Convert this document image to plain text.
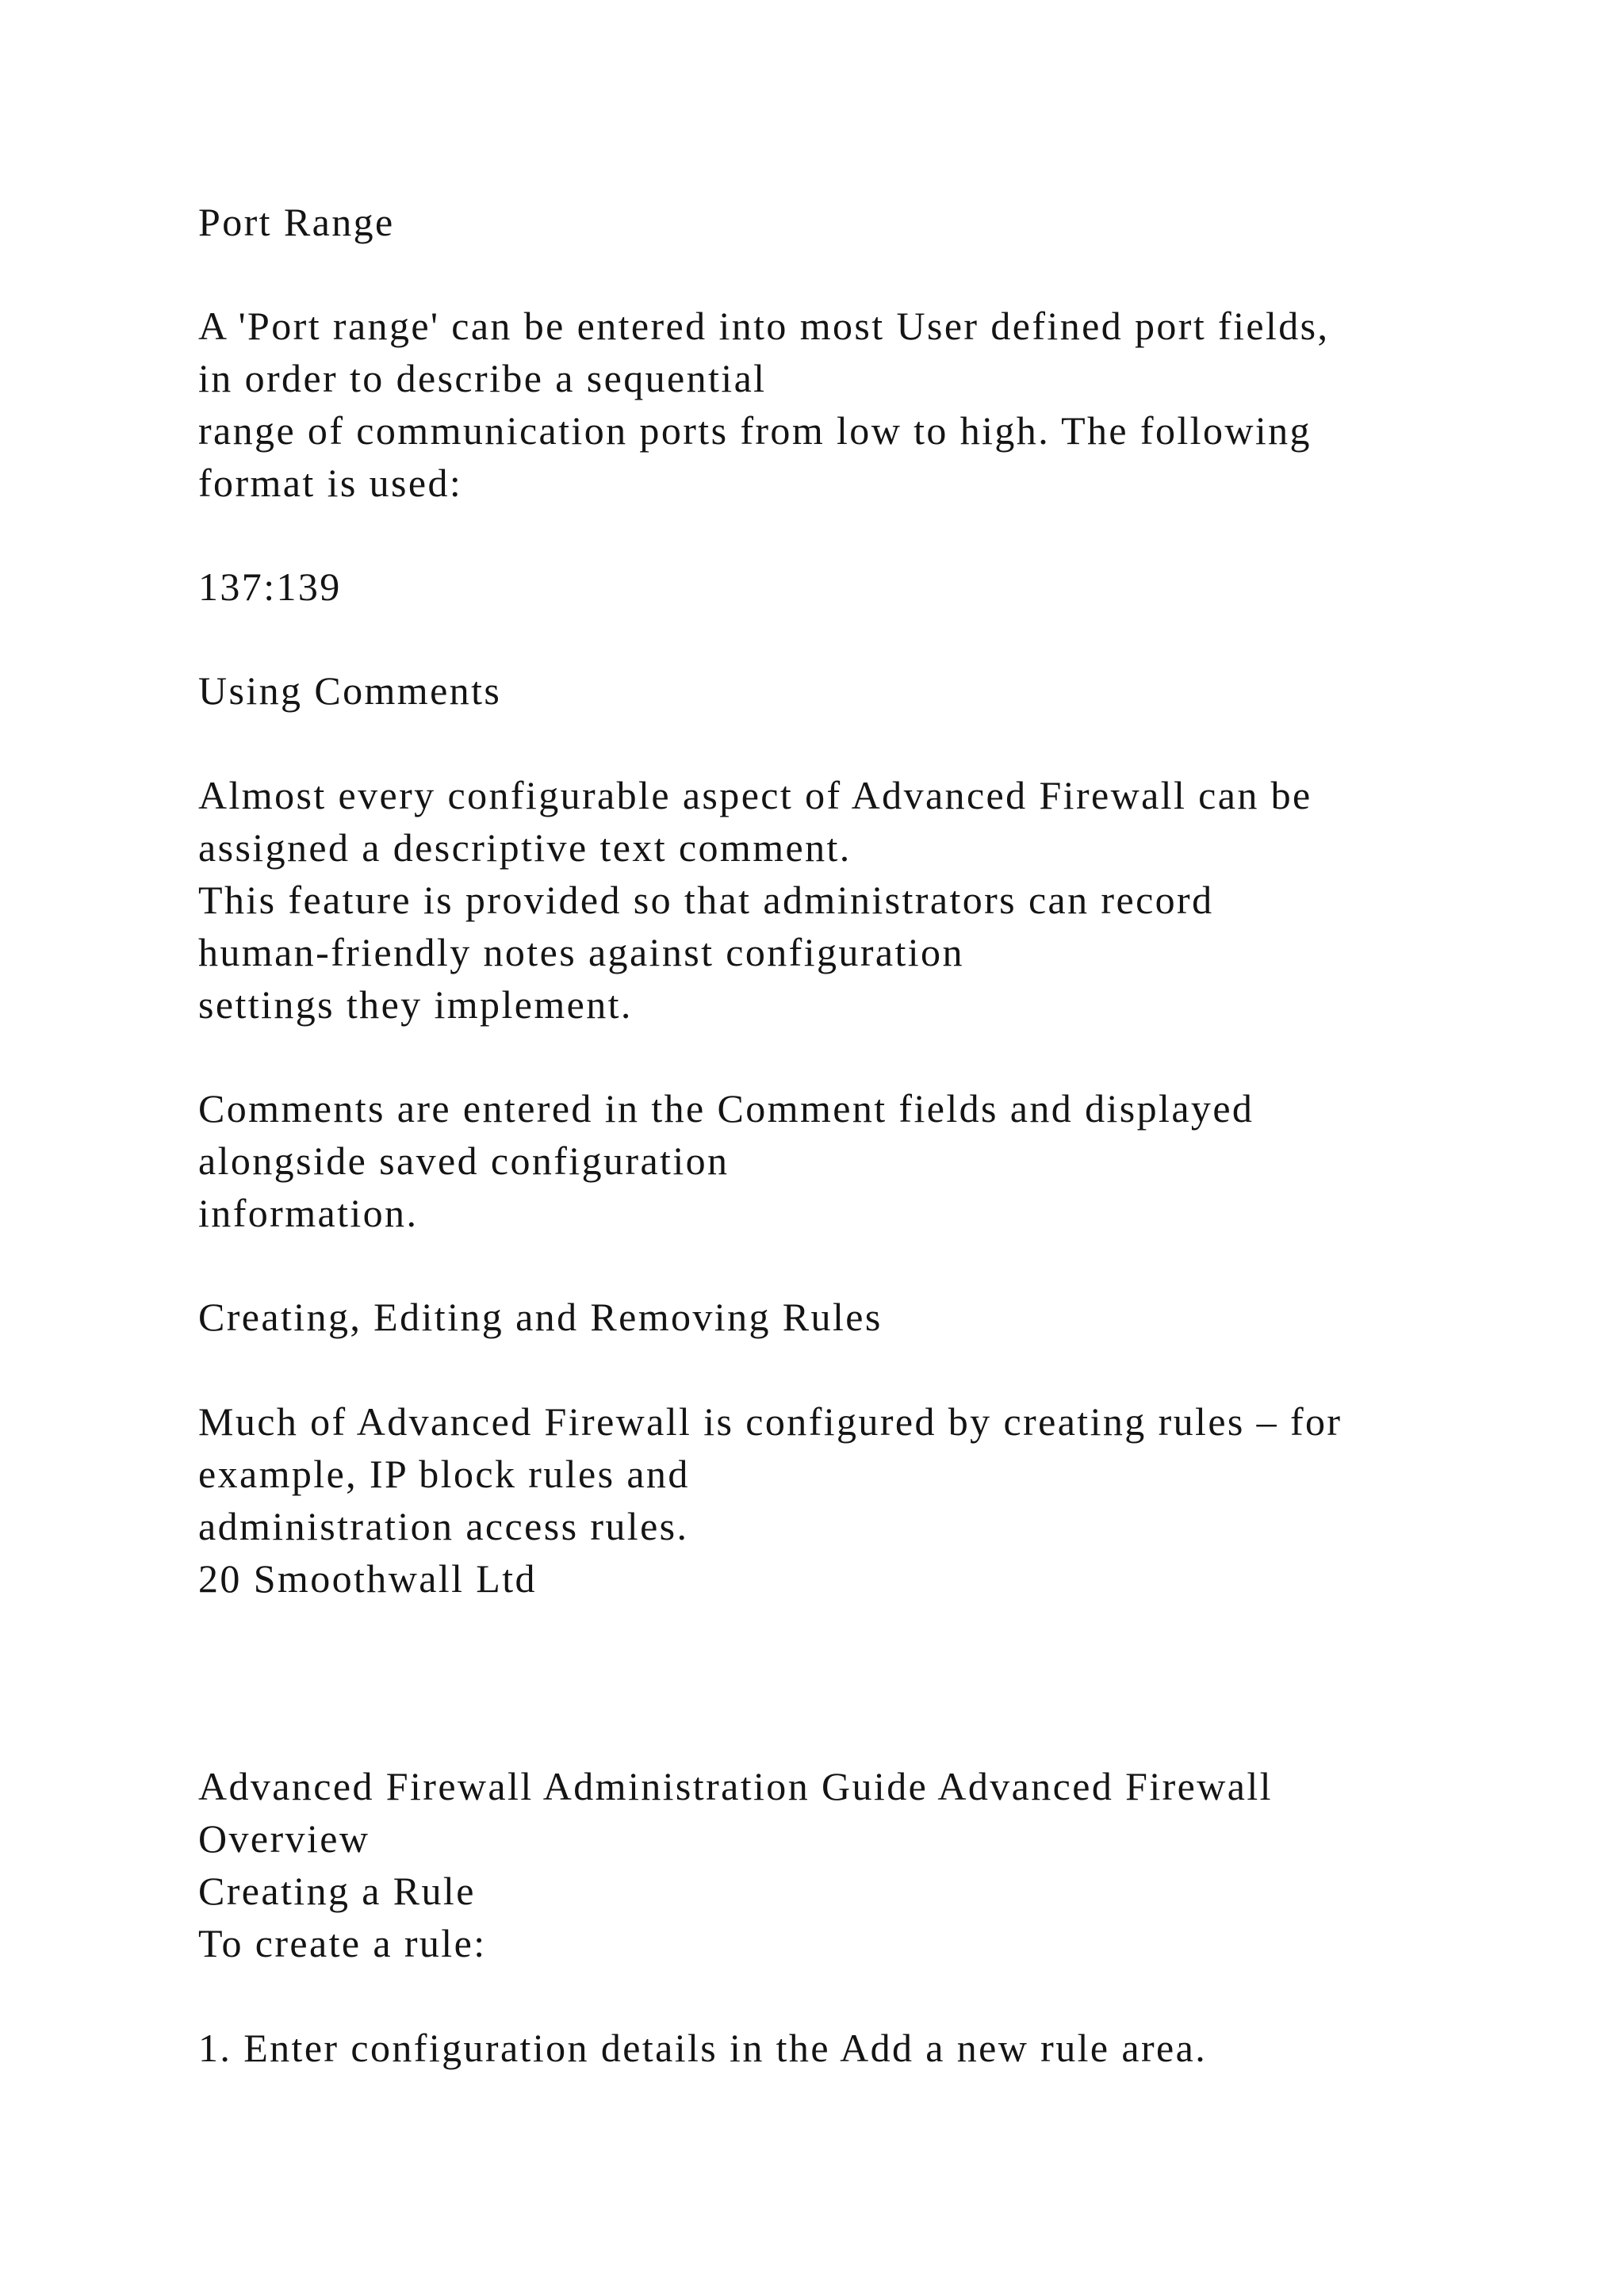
Port Range

A 'Port range' can be entered into most User defined port fields,

in order to describe a sequential

range of communication ports from low to high. The following

format is used:

137:139

Using Comments

Almost every configurable aspect of Advanced Firewall can be

assigned a descriptive text comment.

This feature is provided so that administrators can record

human-friendly notes against configuration

settings they implement.

Comments are entered in the Comment fields and displayed

alongside saved configuration

information.

Creating, Editing and Removing Rules

Much of Advanced Firewall is configured by creating rules – for

example, IP block rules and

administration access rules.

20 Smoothwall Ltd

Advanced Firewall Administration Guide Advanced Firewall

Overview

Creating a Rule

To create a rule:

1. Enter configuration details in the Add a new rule area.
